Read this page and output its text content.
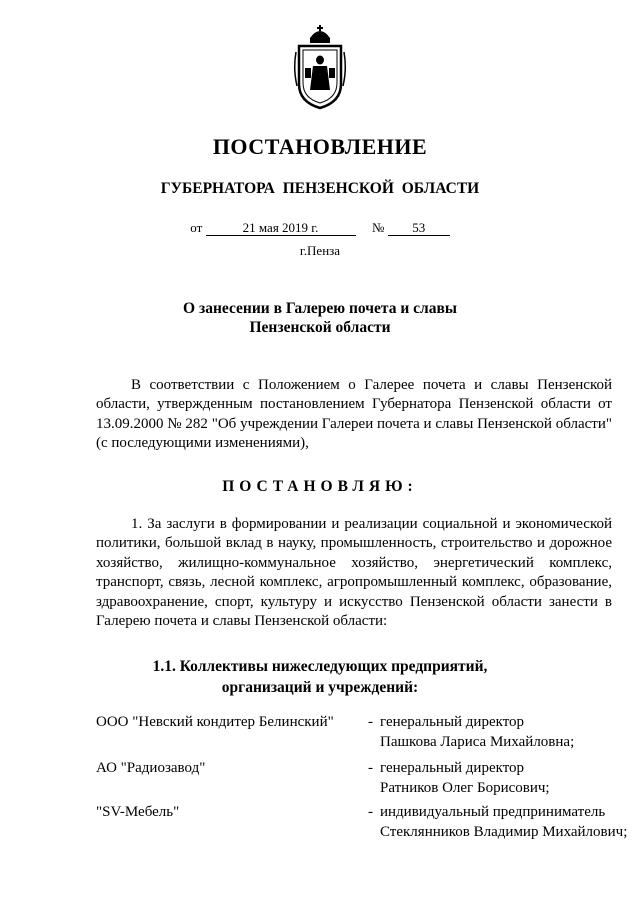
ПОСТАНОВЛЕНИЕ
ГУБЕРНАТОРА ПЕНЗЕНСКОЙ ОБЛАСТИ
от	21 мая 2019 г.	№ 53
г.Пенза
О занесении в Галерею почета и славы
Пензенской области

В соответствии с Положением о Галерее почета и славы Пензенской области, утвержденным постановлением Губернатора Пензенской области от 13.09.2000 № 282 "Об учреждении Галереи почета и славы Пензенской области" (с последующими изменениями),

ПОСТАНОВЛЯЮ:

1. За заслуги в формировании и реализации социальной и экономической политики, большой вклад в науку, промышленность, строительство и дорожное хозяйство, жилищно-коммунальное хозяйство, энергетический комплекс, транспорт, связь, лесной комплекс, агропромышленный комплекс, образование, здравоохранение, спорт, культуру и искусство Пензенской области занести в Галерею почета и славы Пензенской области:

1.1. Коллективы нижеследующих предприятий,
организаций и учреждений:
ООО "Невский кондитер Белинский" - генеральный директор
Пашкова Лариса Михайловна;
АО "Радиозавод"	- генеральный директор
Ратников Олег Борисович;
"SV-Мебель"	- индивидуальный предприниматель
Стеклянников Владимир Михайлович;
